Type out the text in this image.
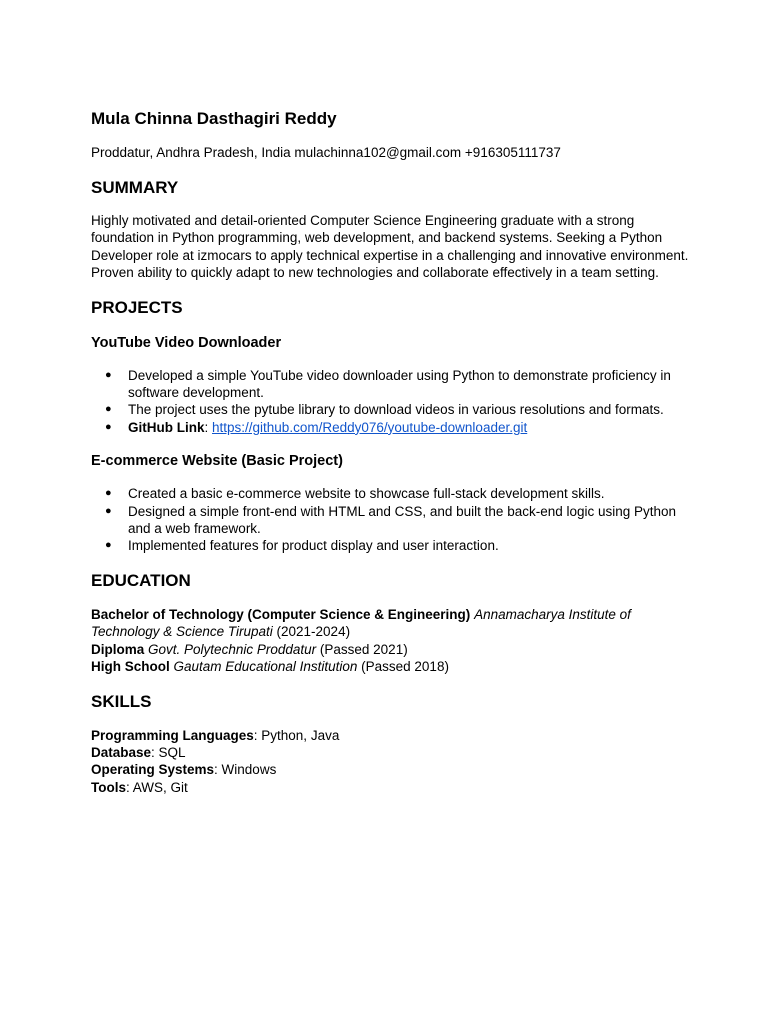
Mula Chinna Dasthagiri Reddy

Proddatur, Andhra Pradesh, India mulachinna102@gmail.com +916305111737

SUMMARY

Highly motivated and detail-oriented Computer Science Engineering graduate with a strong foundation in Python programming, web development, and backend systems. Seeking a Python Developer role at izmocars to apply technical expertise in a challenging and innovative environment. Proven ability to quickly adapt to new technologies and collaborate effectively in a team setting.

PROJECTS
YouTube Video Downloader
● Developed a simple YouTube video downloader using Python to demonstrate proficiency in software development.
● The project uses the pytube library to download videos in various resolutions and formats.
● GitHub Link: https://github.com/Reddy076/youtube-downloader.git
E-commerce Website (Basic Project)
● Created a basic e-commerce website to showcase full-stack development skills.
● Designed a simple front-end with HTML and CSS, and built the back-end logic using Python and a web framework.
● Implemented features for product display and user interaction.
EDUCATION

Bachelor of Technology (Computer Science & Engineering) Annamacharya Institute of Technology & Science Tirupati (2021-2024)

Diploma Govt. Polytechnic Proddatur (Passed 2021)

High School Gautam Educational Institution (Passed 2018)

SKILLS

Programming Languages: Python, Java

Database: SQL

Operating Systems: Windows

Tools: AWS, Git
